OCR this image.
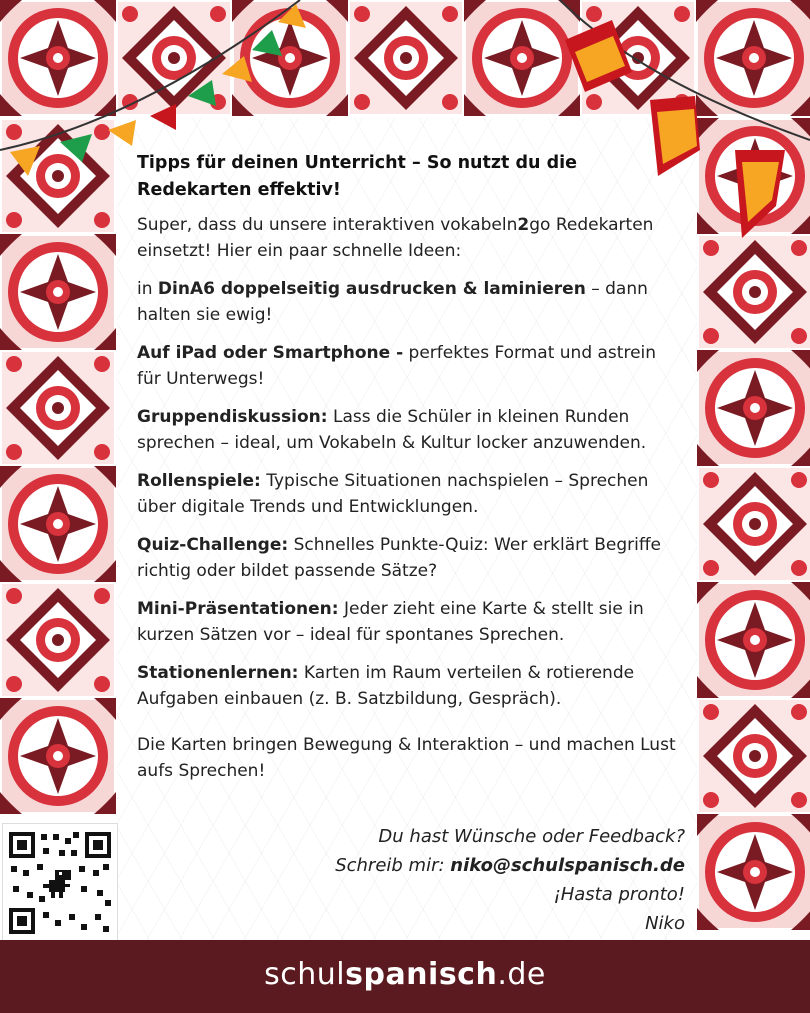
Tipps für deinen Unterricht – So nutzt du die Redekarten effektiv!
Super, dass du unsere interaktiven vokabeln2go Redekarten einsetzt! Hier ein paar schnelle Ideen:
in DinA6 doppelseitig ausdrucken & laminieren – dann halten sie ewig!
Auf iPad oder Smartphone - perfektes Format und astrein für Unterwegs!
Gruppendiskussion: Lass die Schüler in kleinen Runden sprechen – ideal, um Vokabeln & Kultur locker anzuwenden.
Rollenspiele: Typische Situationen nachspielen – Sprechen über digitale Trends und Entwicklungen.
Quiz-Challenge: Schnelles Punkte-Quiz: Wer erklärt Begriffe richtig oder bildet passende Sätze?
Mini-Präsentationen: Jeder zieht eine Karte & stellt sie in kurzen Sätzen vor – ideal für spontanes Sprechen.
Stationenlernen: Karten im Raum verteilen & rotierende Aufgaben einbauen (z. B. Satzbildung, Gespräch).
Die Karten bringen Bewegung & Interaktion – und machen Lust aufs Sprechen!
Du hast Wünsche oder Feedback?
Schreib mir: niko@schulspanisch.de
¡Hasta pronto!
Niko
schulspanisch.de
